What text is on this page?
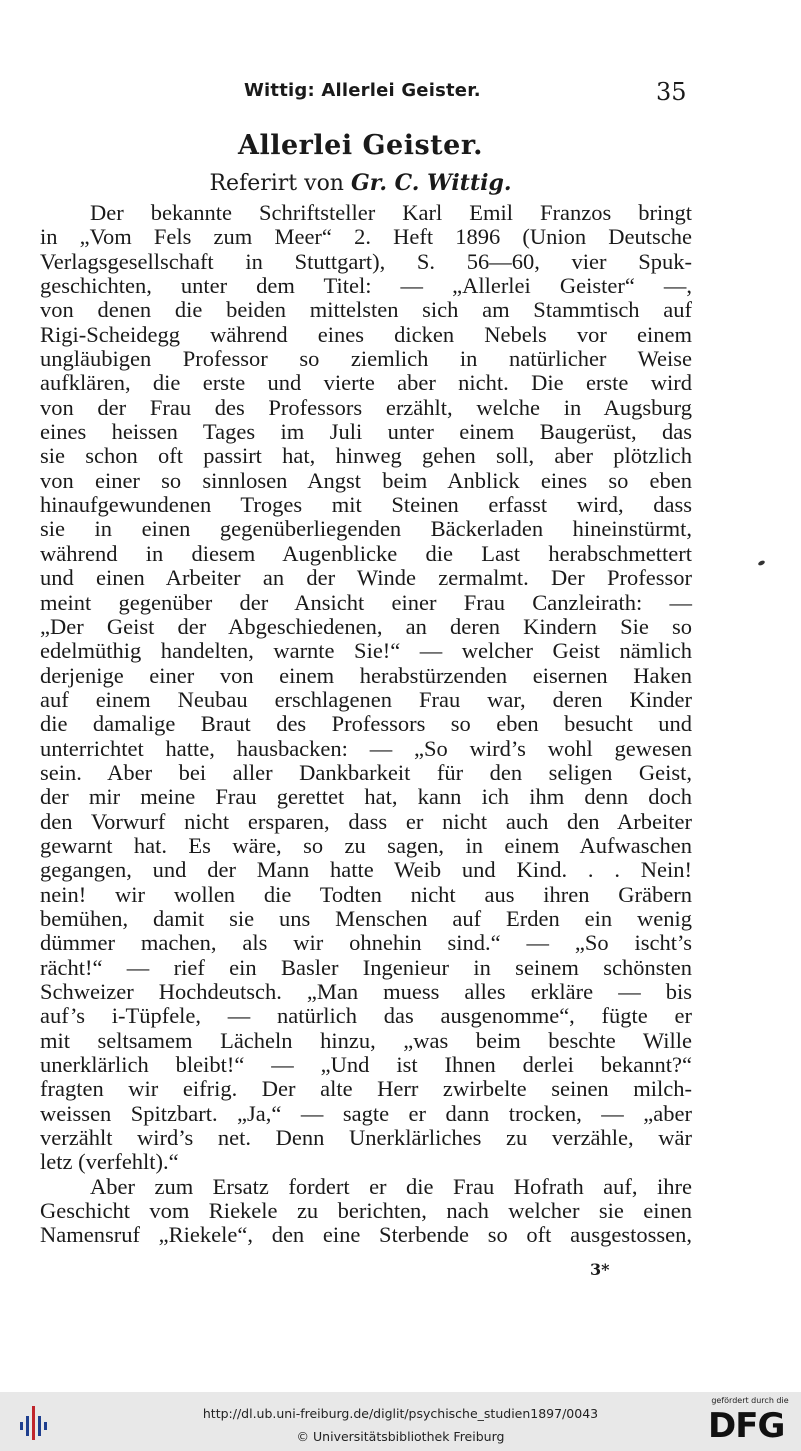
Wittig: Allerlei Geister.	35
Allerlei Geister.
Referirt von Gr. C. Wittig.
Der bekannte Schriftsteller Karl Emil Franzos bringt
in „Vom Fels zum Meer“ 2. Heft 1896 (Union Deutsche
Verlagsgesellschaft in Stuttgart), S. 56—60, vier Spuk-
geschichten, unter dem Titel: — „Allerlei Geister“ —,
von denen die beiden mittelsten sich am Stammtisch auf
Rigi-Scheidegg während eines dicken Nebels vor einem
ungläubigen Professor so ziemlich in natürlicher Weise
aufklären, die erste und vierte aber nicht. Die erste wird
von der Frau des Professors erzählt, welche in Augsburg
eines heissen Tages im Juli unter einem Baugerüst, das
sie schon oft passirt hat, hinweg gehen soll, aber plötzlich
von einer so sinnlosen Angst beim Anblick eines so eben
hinaufgewundenen Troges mit Steinen erfasst wird, dass
sie in einen gegenüberliegenden Bäckerladen hineinstürmt,
während in diesem Augenblicke die Last herabschmettert
und einen Arbeiter an der Winde zermalmt. Der Professor
meint gegenüber der Ansicht einer Frau Canzleirath: —
„Der Geist der Abgeschiedenen, an deren Kindern Sie so
edelmüthig handelten, warnte Sie!“ — welcher Geist nämlich
derjenige einer von einem herabstürzenden eisernen Haken
auf einem Neubau erschlagenen Frau war, deren Kinder
die damalige Braut des Professors so eben besucht und
unterrichtet hatte, hausbacken: — „So wird’s wohl gewesen
sein. Aber bei aller Dankbarkeit für den seligen Geist,
der mir meine Frau gerettet hat, kann ich ihm denn doch
den Vorwurf nicht ersparen, dass er nicht auch den Arbeiter
gewarnt hat. Es wäre, so zu sagen, in einem Aufwaschen
gegangen, und der Mann hatte Weib und Kind. . . Nein!
nein! wir wollen die Todten nicht aus ihren Gräbern
bemühen, damit sie uns Menschen auf Erden ein wenig
dümmer machen, als wir ohnehin sind.“ — „So ischt’s
rächt!“ — rief ein Basler Ingenieur in seinem schönsten
Schweizer Hochdeutsch. „Man muess alles erkläre — bis
auf’s i-Tüpfele, — natürlich das ausgenomme“, fügte er
mit seltsamem Lächeln hinzu, „was beim beschte Wille
unerklärlich bleibt!“ — „Und ist Ihnen derlei bekannt?“
fragten wir eifrig. Der alte Herr zwirbelte seinen milch-
weissen Spitzbart. „Ja,“ — sagte er dann trocken, — „aber
verzählt wird’s net. Denn Unerklärliches zu verzähle, wär
letz (verfehlt).“
Aber zum Ersatz fordert er die Frau Hofrath auf, ihre
Geschicht vom Riekele zu berichten, nach welcher sie einen
Namensruf „Riekele“, den eine Sterbende so oft ausgestossen,
3*
http://dl.ub.uni-freiburg.de/diglit/psychische_studien1897/0043
© Universitätsbibliothek Freiburg
gefördert durch die
DFG
